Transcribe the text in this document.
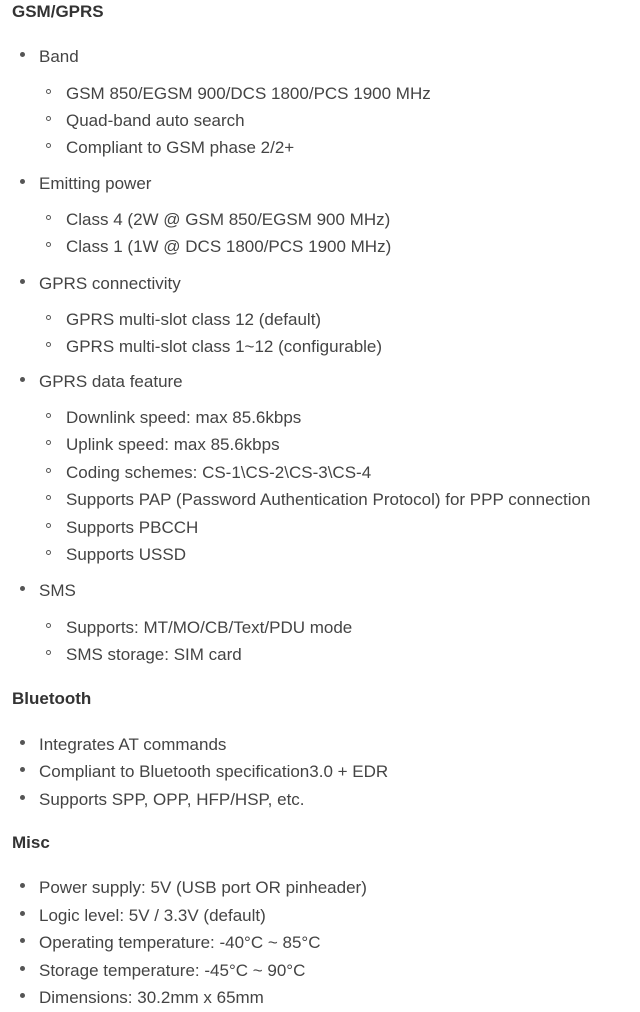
GSM/GPRS
Band
GSM 850/EGSM 900/DCS 1800/PCS 1900 MHz
Quad-band auto search
Compliant to GSM phase 2/2+
Emitting power
Class 4 (2W @ GSM 850/EGSM 900 MHz)
Class 1 (1W @ DCS 1800/PCS 1900 MHz)
GPRS connectivity
GPRS multi-slot class 12 (default)
GPRS multi-slot class 1~12 (configurable)
GPRS data feature
Downlink speed: max 85.6kbps
Uplink speed: max 85.6kbps
Coding schemes: CS-1\CS-2\CS-3\CS-4
Supports PAP (Password Authentication Protocol) for PPP connection
Supports PBCCH
Supports USSD
SMS
Supports: MT/MO/CB/Text/PDU mode
SMS storage: SIM card
Bluetooth
Integrates AT commands
Compliant to Bluetooth specification3.0 + EDR
Supports SPP, OPP, HFP/HSP, etc.
Misc
Power supply: 5V (USB port OR pinheader)
Logic level: 5V / 3.3V (default)
Operating temperature: -40°C ~ 85°C
Storage temperature: -45°C ~ 90°C
Dimensions: 30.2mm x 65mm
